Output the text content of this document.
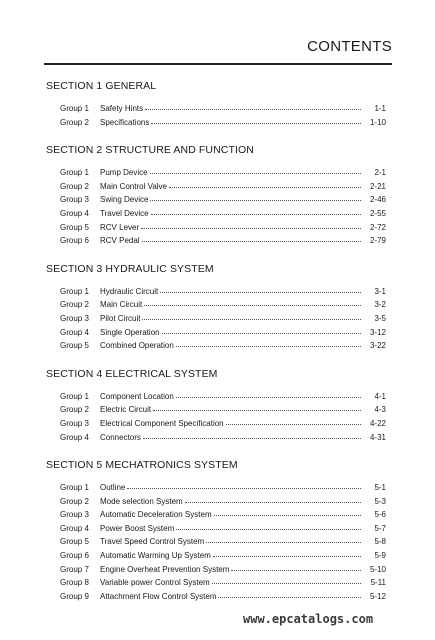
CONTENTS
SECTION 1 GENERAL
Group 1	Safety Hints	1-1
Group 2	Specifications	1-10
SECTION 2 STRUCTURE AND FUNCTION
Group 1	Pump Device	2-1
Group 2	Main Control Valve	2-21
Group 3	Swing Device	2-46
Group 4	Travel Device	2-55
Group 5	RCV Lever	2-72
Group 6	RCV Pedal	2-79
SECTION 3 HYDRAULIC SYSTEM
Group 1	Hydraulic Circuit	3-1
Group 2	Main Circuit	3-2
Group 3	Pilot Circuit	3-5
Group 4	Single Operation	3-12
Group 5	Combined Operation	3-22
SECTION 4 ELECTRICAL SYSTEM
Group 1	Component Location	4-1
Group 2	Electric Circuit	4-3
Group 3	Electrical Component Specification	4-22
Group 4	Connectors	4-31
SECTION 5 MECHATRONICS SYSTEM
Group 1	Outline	5-1
Group 2	Mode selection System	5-3
Group 3	Automatic Deceleration System	5-6
Group 4	Power Boost System	5-7
Group 5	Travel Speed Control System	5-8
Group 6	Automatic Warming Up System	5-9
Group 7	Engine Overheat Prevention System	5-10
Group 8	Variable power Control System	5-11
Group 9	Attachment Flow Control System	5-12
www.epcatalogs.com
